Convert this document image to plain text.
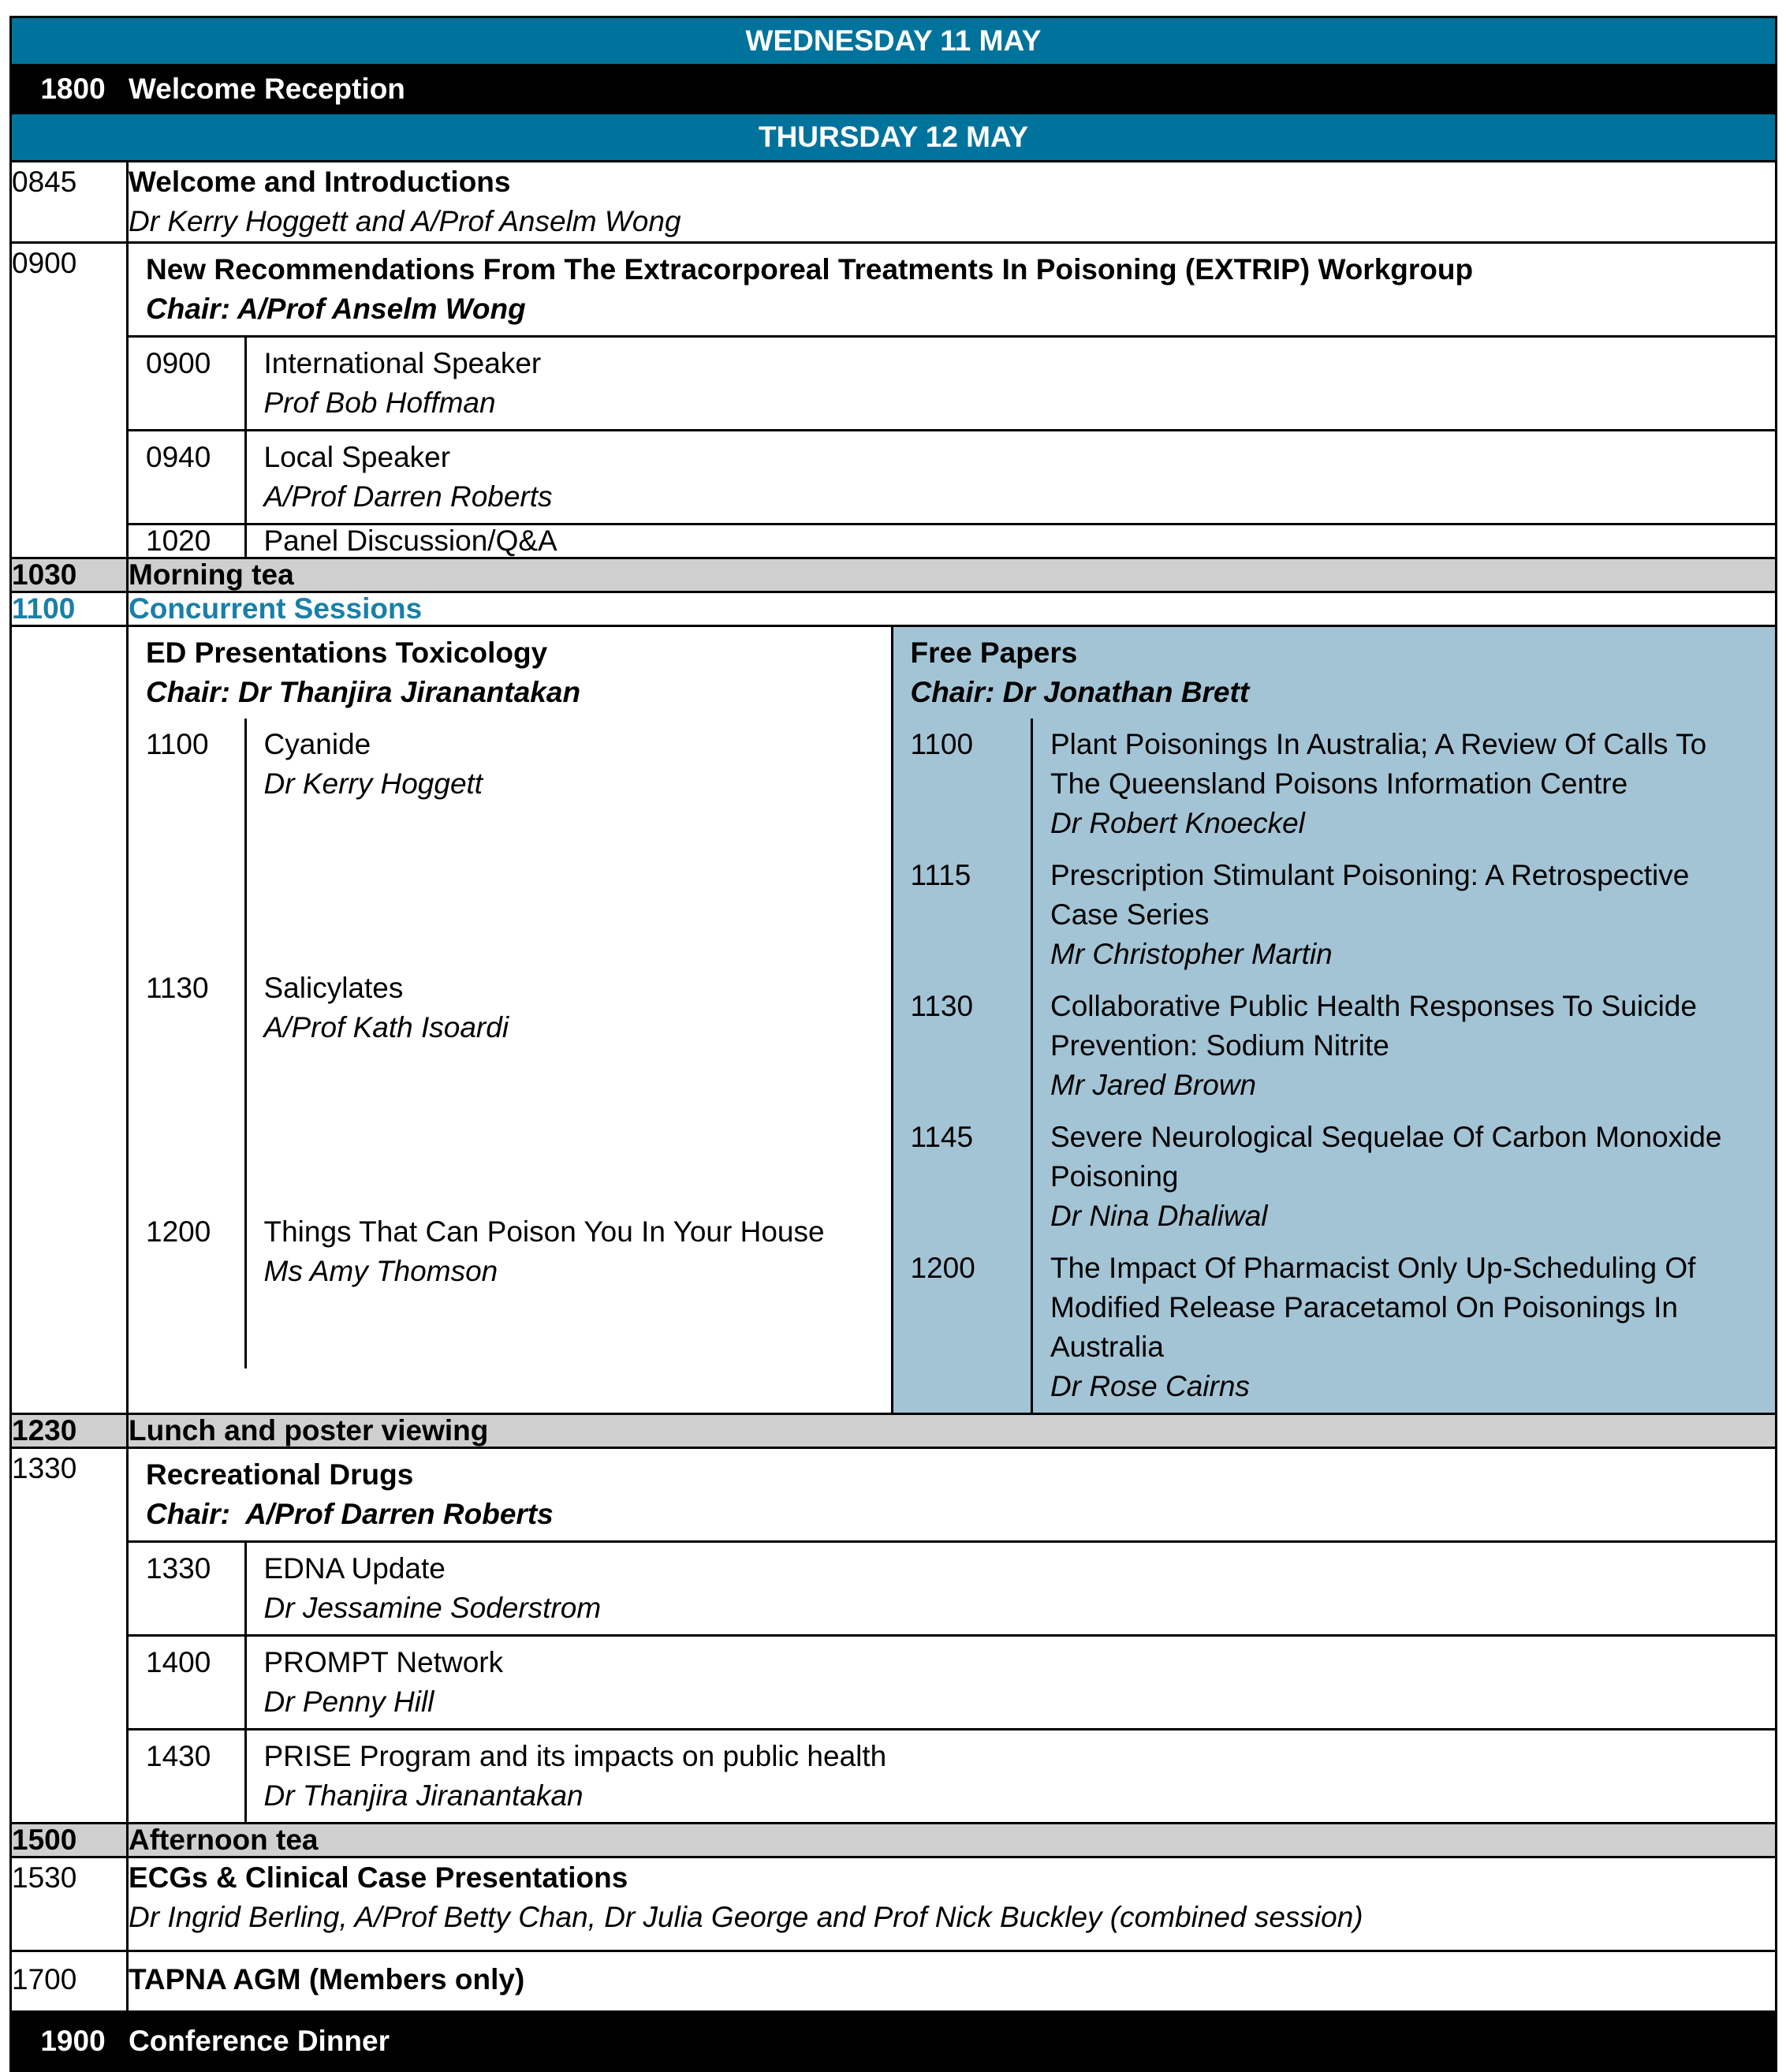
WEDNESDAY 11 MAY
1800	Welcome Reception
THURSDAY 12 MAY
0845	Welcome and Introductions
Dr Kerry Hoggett and A/Prof Anselm Wong

0900	New Recommendations From The Extracorporeal Treatments In Poisoning (EXTRIP) Workgroup
Chair: A/Prof Anselm Wong

0900	International Speaker
Prof Bob Hoffman

0940	Local Speaker
A/Prof Darren Roberts

1020	Panel Discussion/Q&A

1030	Morning tea
1100	Concurrent Sessions

ED Presentations Toxicology
Chair: Dr Thanjira Jiranantakan

1100	Cyanide
Dr Kerry Hoggett

1130	Salicylates
A/Prof Kath Isoardi

1200	Things That Can Poison You In Your House
Ms Amy Thomson

Free Papers
Chair: Dr Jonathan Brett

1100	Plant Poisonings In Australia; A Review Of Calls To The Queensland Poisons Information Centre
Dr Robert Knoeckel

1115	Prescription Stimulant Poisoning: A Retrospective Case Series
Mr Christopher Martin

1130	Collaborative Public Health Responses To Suicide Prevention: Sodium Nitrite
Mr Jared Brown

1145	Severe Neurological Sequelae Of Carbon Monoxide Poisoning
Dr Nina Dhaliwal

1200	The Impact Of Pharmacist Only Up-Scheduling Of Modified Release Paracetamol On Poisonings In Australia
Dr Rose Cairns

1230	Lunch and poster viewing
1330	Recreational Drugs
Chair:  A/Prof Darren Roberts

1330	EDNA Update
Dr Jessamine Soderstrom

1400	PROMPT Network
Dr Penny Hill

1430	PRISE Program and its impacts on public health
Dr Thanjira Jiranantakan

1500	Afternoon tea
1530	ECGs & Clinical Case Presentations
Dr Ingrid Berling, A/Prof Betty Chan, Dr Julia George and Prof Nick Buckley (combined session)

1700	TAPNA AGM (Members only)
1900	Conference Dinner
